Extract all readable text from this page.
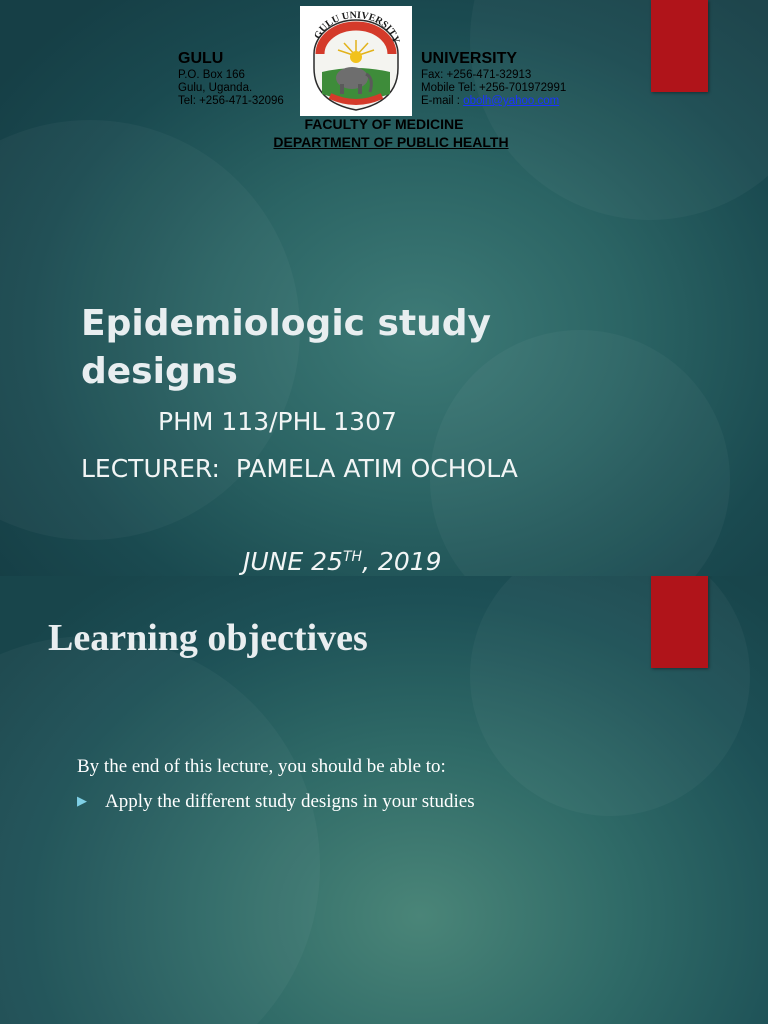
GULU UNIVERSITY
GULU
P.O. Box 166
Gulu, Uganda.
Tel: +256-471-32096
UNIVERSITY
Fax: +256-471-32913
Mobile Tel: +256-701972991
E-mail : obolh@yahoo.com
FACULTY OF MEDICINE
DEPARTMENT OF PUBLIC HEALTH
Epidemiologic study designs
PHM 113/PHL 1307
LECTURER:  PAMELA ATIM OCHOLA
JUNE 25TH, 2019
Learning objectives
By the end of this lecture, you should be able to:
▶ Apply the different study designs in your studies
